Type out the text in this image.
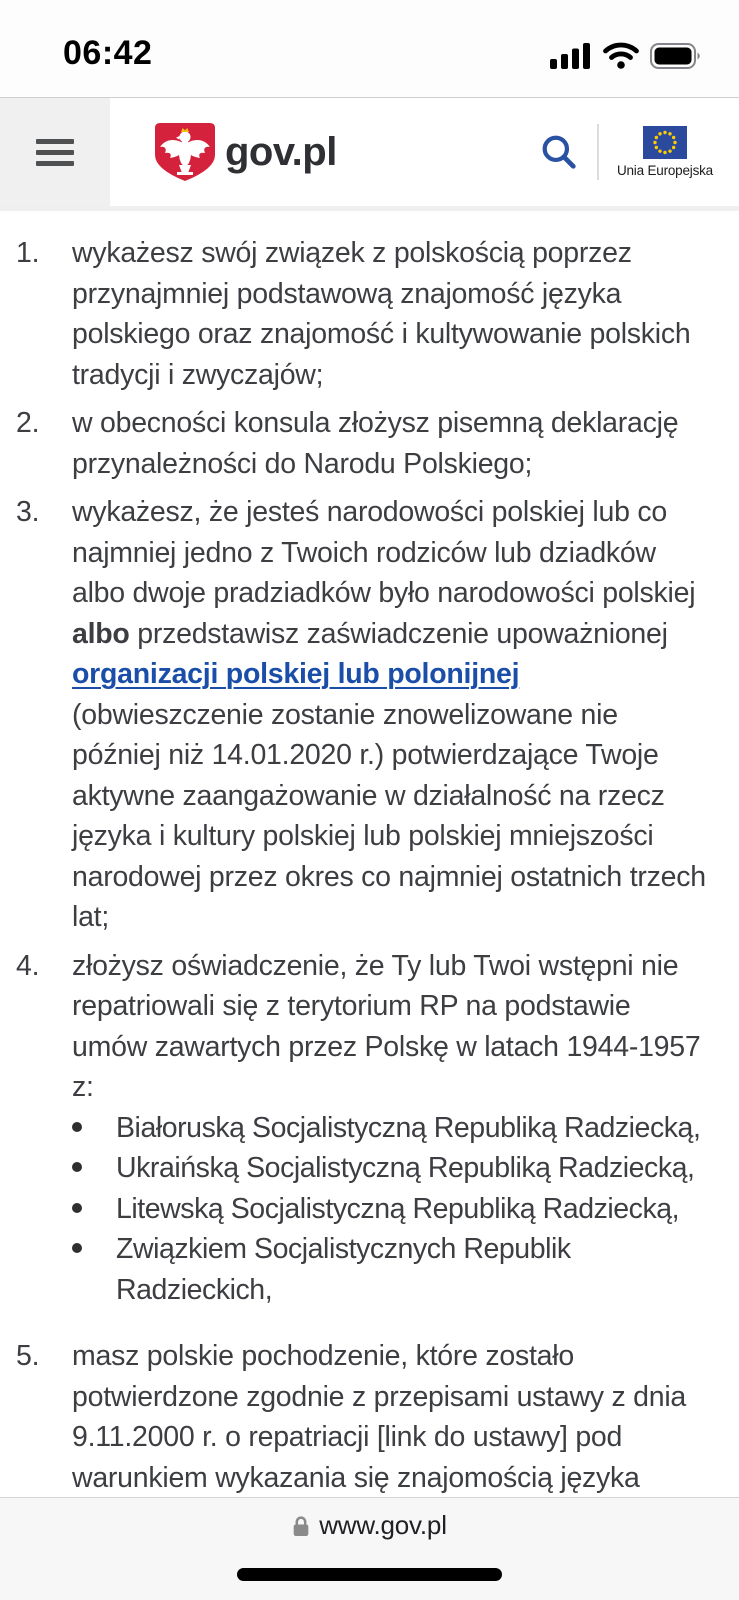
06:42
gov.pl	Unia Europejska
1.	wykażesz swój związek z polskością poprzez przynajmniej podstawową znajomość języka polskiego oraz znajomość i kultywowanie polskich tradycji i zwyczajów;

2.	w obecności konsula złożysz pisemną deklarację przynależności do Narodu Polskiego;

3.	wykażesz, że jesteś narodowości polskiej lub co najmniej jedno z Twoich rodziców lub dziadków albo dwoje pradziadków było narodowości polskiej albo przedstawisz zaświadczenie upoważnionej organizacji polskiej lub polonijnej (obwieszczenie zostanie znowelizowane nie później niż 14.01.2020 r.) potwierdzające Twoje aktywne zaangażowanie w działalność na rzecz języka i kultury polskiej lub polskiej mniejszości narodowej przez okres co najmniej ostatnich trzech lat;

4.	złożysz oświadczenie, że Ty lub Twoi wstępni nie repatriowali się z terytorium RP na podstawie umów zawartych przez Polskę w latach 1944-1957 z:

Białoruską Socjalistyczną Republiką Radziecką,
Ukraińską Socjalistyczną Republiką Radziecką,
Litewską Socjalistyczną Republiką Radziecką,
Związkiem Socjalistycznych Republik Radzieckich,
5.	masz polskie pochodzenie, które zostało potwierdzone zgodnie z przepisami ustawy z dnia 9.11.2000 r. o repatriacji [link do ustawy] pod warunkiem wykazania się znajomością języka

www.gov.pl
